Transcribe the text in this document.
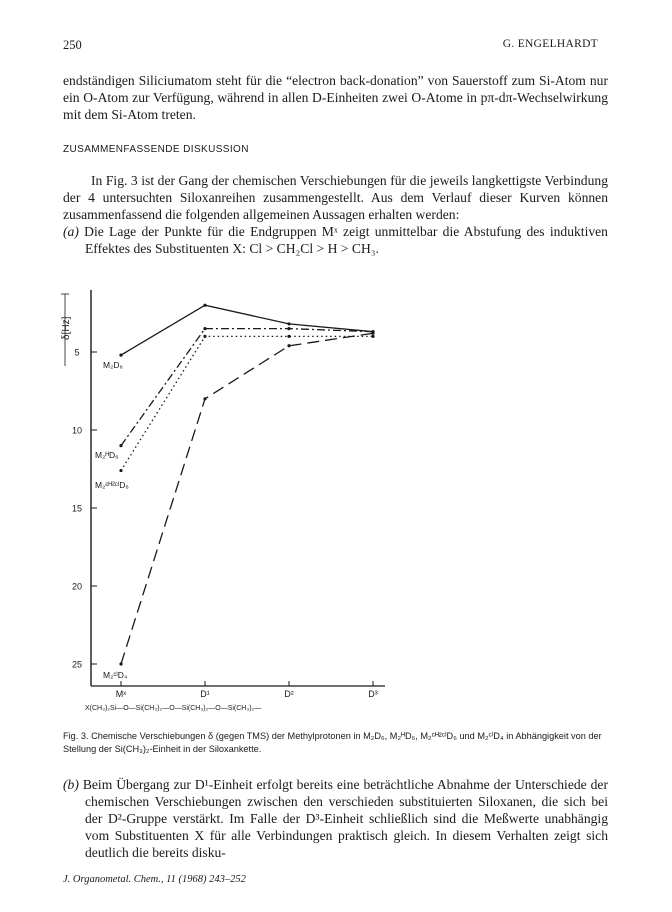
250	G. ENGELHARDT

endständigen Siliciumatom steht für die “electron back-donation” von Sauerstoff zum Si-Atom nur ein O-Atom zur Verfügung, während in allen D-Einheiten zwei O-Atome in pπ-dπ-Wechselwirkung mit dem Si-Atom treten.

ZUSAMMENFASSENDE DISKUSSION

In Fig. 3 ist der Gang der chemischen Verschiebungen für die jeweils langkettigste Verbindung der 4 untersuchten Siloxanreihen zusammengestellt. Aus dem Verlauf dieser Kurven können zusammenfassend die folgenden allgemeinen Aussagen erhalten werden:

(a) Die Lage der Punkte für die Endgruppen Mˣ zeigt unmittelbar die Abstufung des induktiven Effektes des Substituenten X: Cl > CH₂Cl > H > CH₃.

δ[Hz]
5
10
15
20
25
Mˣ	D¹	D²	D³
M₂D₆
M₂ᴴD₆
M₂ᶜᴴ²ᶜˡD₆
M₂ᶜˡD₄
X(CH₃)₂Si—O—Si(CH₃)₂—O—Si(CH₃)₂—O—Si(CH₃)₂—
Fig. 3. Chemische Verschiebungen δ (gegen TMS) der Methylprotonen in M₂D₆, M₂ᴴD₆, M₂ᶜᴴ²ᶜˡD₆ und M₂ᶜˡD₄ in Abhängigkeit von der Stellung der Si(CH₃)₂-Einheit in der Siloxankette.

(b) Beim Übergang zur D¹-Einheit erfolgt bereits eine beträchtliche Abnahme der Unterschiede der chemischen Verschiebungen zwischen den verschieden substituierten Siloxanen, die sich bei der D²-Gruppe verstärkt. Im Falle der D³-Einheit schließlich sind die Meßwerte unabhängig vom Substituenten X für alle Verbindungen praktisch gleich. In diesem Verhalten zeigt sich deutlich die bereits disku-

J. Organometal. Chem., 11 (1968) 243–252
